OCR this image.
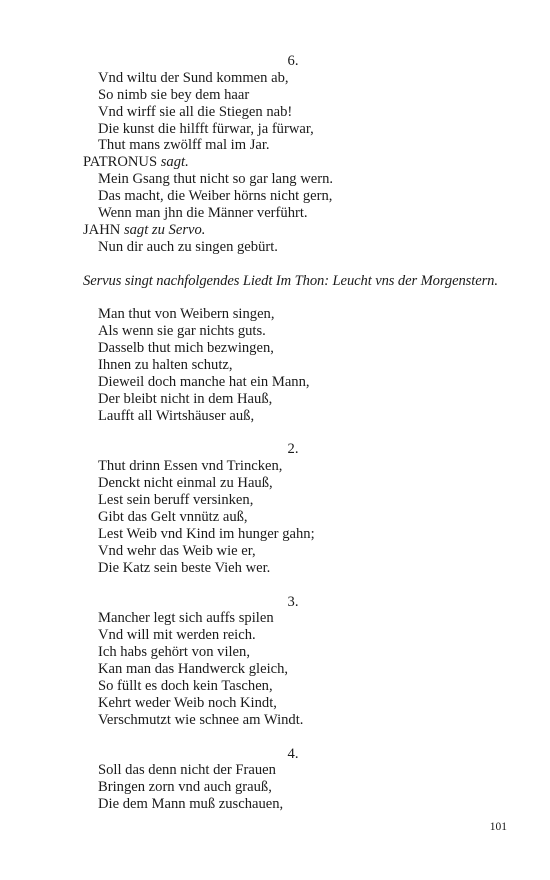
6.
Vnd wiltu der Sund kommen ab,
So nimb sie bey dem haar
Vnd wirff sie all die Stiegen nab!
Die kunst die hilfft fürwar, ja fürwar,
Thut mans zwölff mal im Jar.
PATRONUS sagt.
Mein Gsang thut nicht so gar lang wern.
Das macht, die Weiber hörns nicht gern,
Wenn man jhn die Männer verführt.
JAHN sagt zu Servo.
Nun dir auch zu singen gebürt.
Servus singt nachfolgendes Liedt Im Thon: Leucht vns der Morgenstern.
Man thut von Weibern singen,
Als wenn sie gar nichts guts.
Dasselb thut mich bezwingen,
Ihnen zu halten schutz,
Dieweil doch manche hat ein Mann,
Der bleibt nicht in dem Hauß,
Laufft all Wirtshäuser auß,
2.
Thut drinn Essen vnd Trincken,
Denckt nicht einmal zu Hauß,
Lest sein beruff versinken,
Gibt das Gelt vnnütz auß,
Lest Weib vnd Kind im hunger gahn;
Vnd wehr das Weib wie er,
Die Katz sein beste Vieh wer.
3.
Mancher legt sich auffs spilen
Vnd will mit werden reich.
Ich habs gehört von vilen,
Kan man das Handwerck gleich,
So füllt es doch kein Taschen,
Kehrt weder Weib noch Kindt,
Verschmutzt wie schnee am Windt.
4.
Soll das denn nicht der Frauen
Bringen zorn vnd auch grauß,
Die dem Mann muß zuschauen,
101
